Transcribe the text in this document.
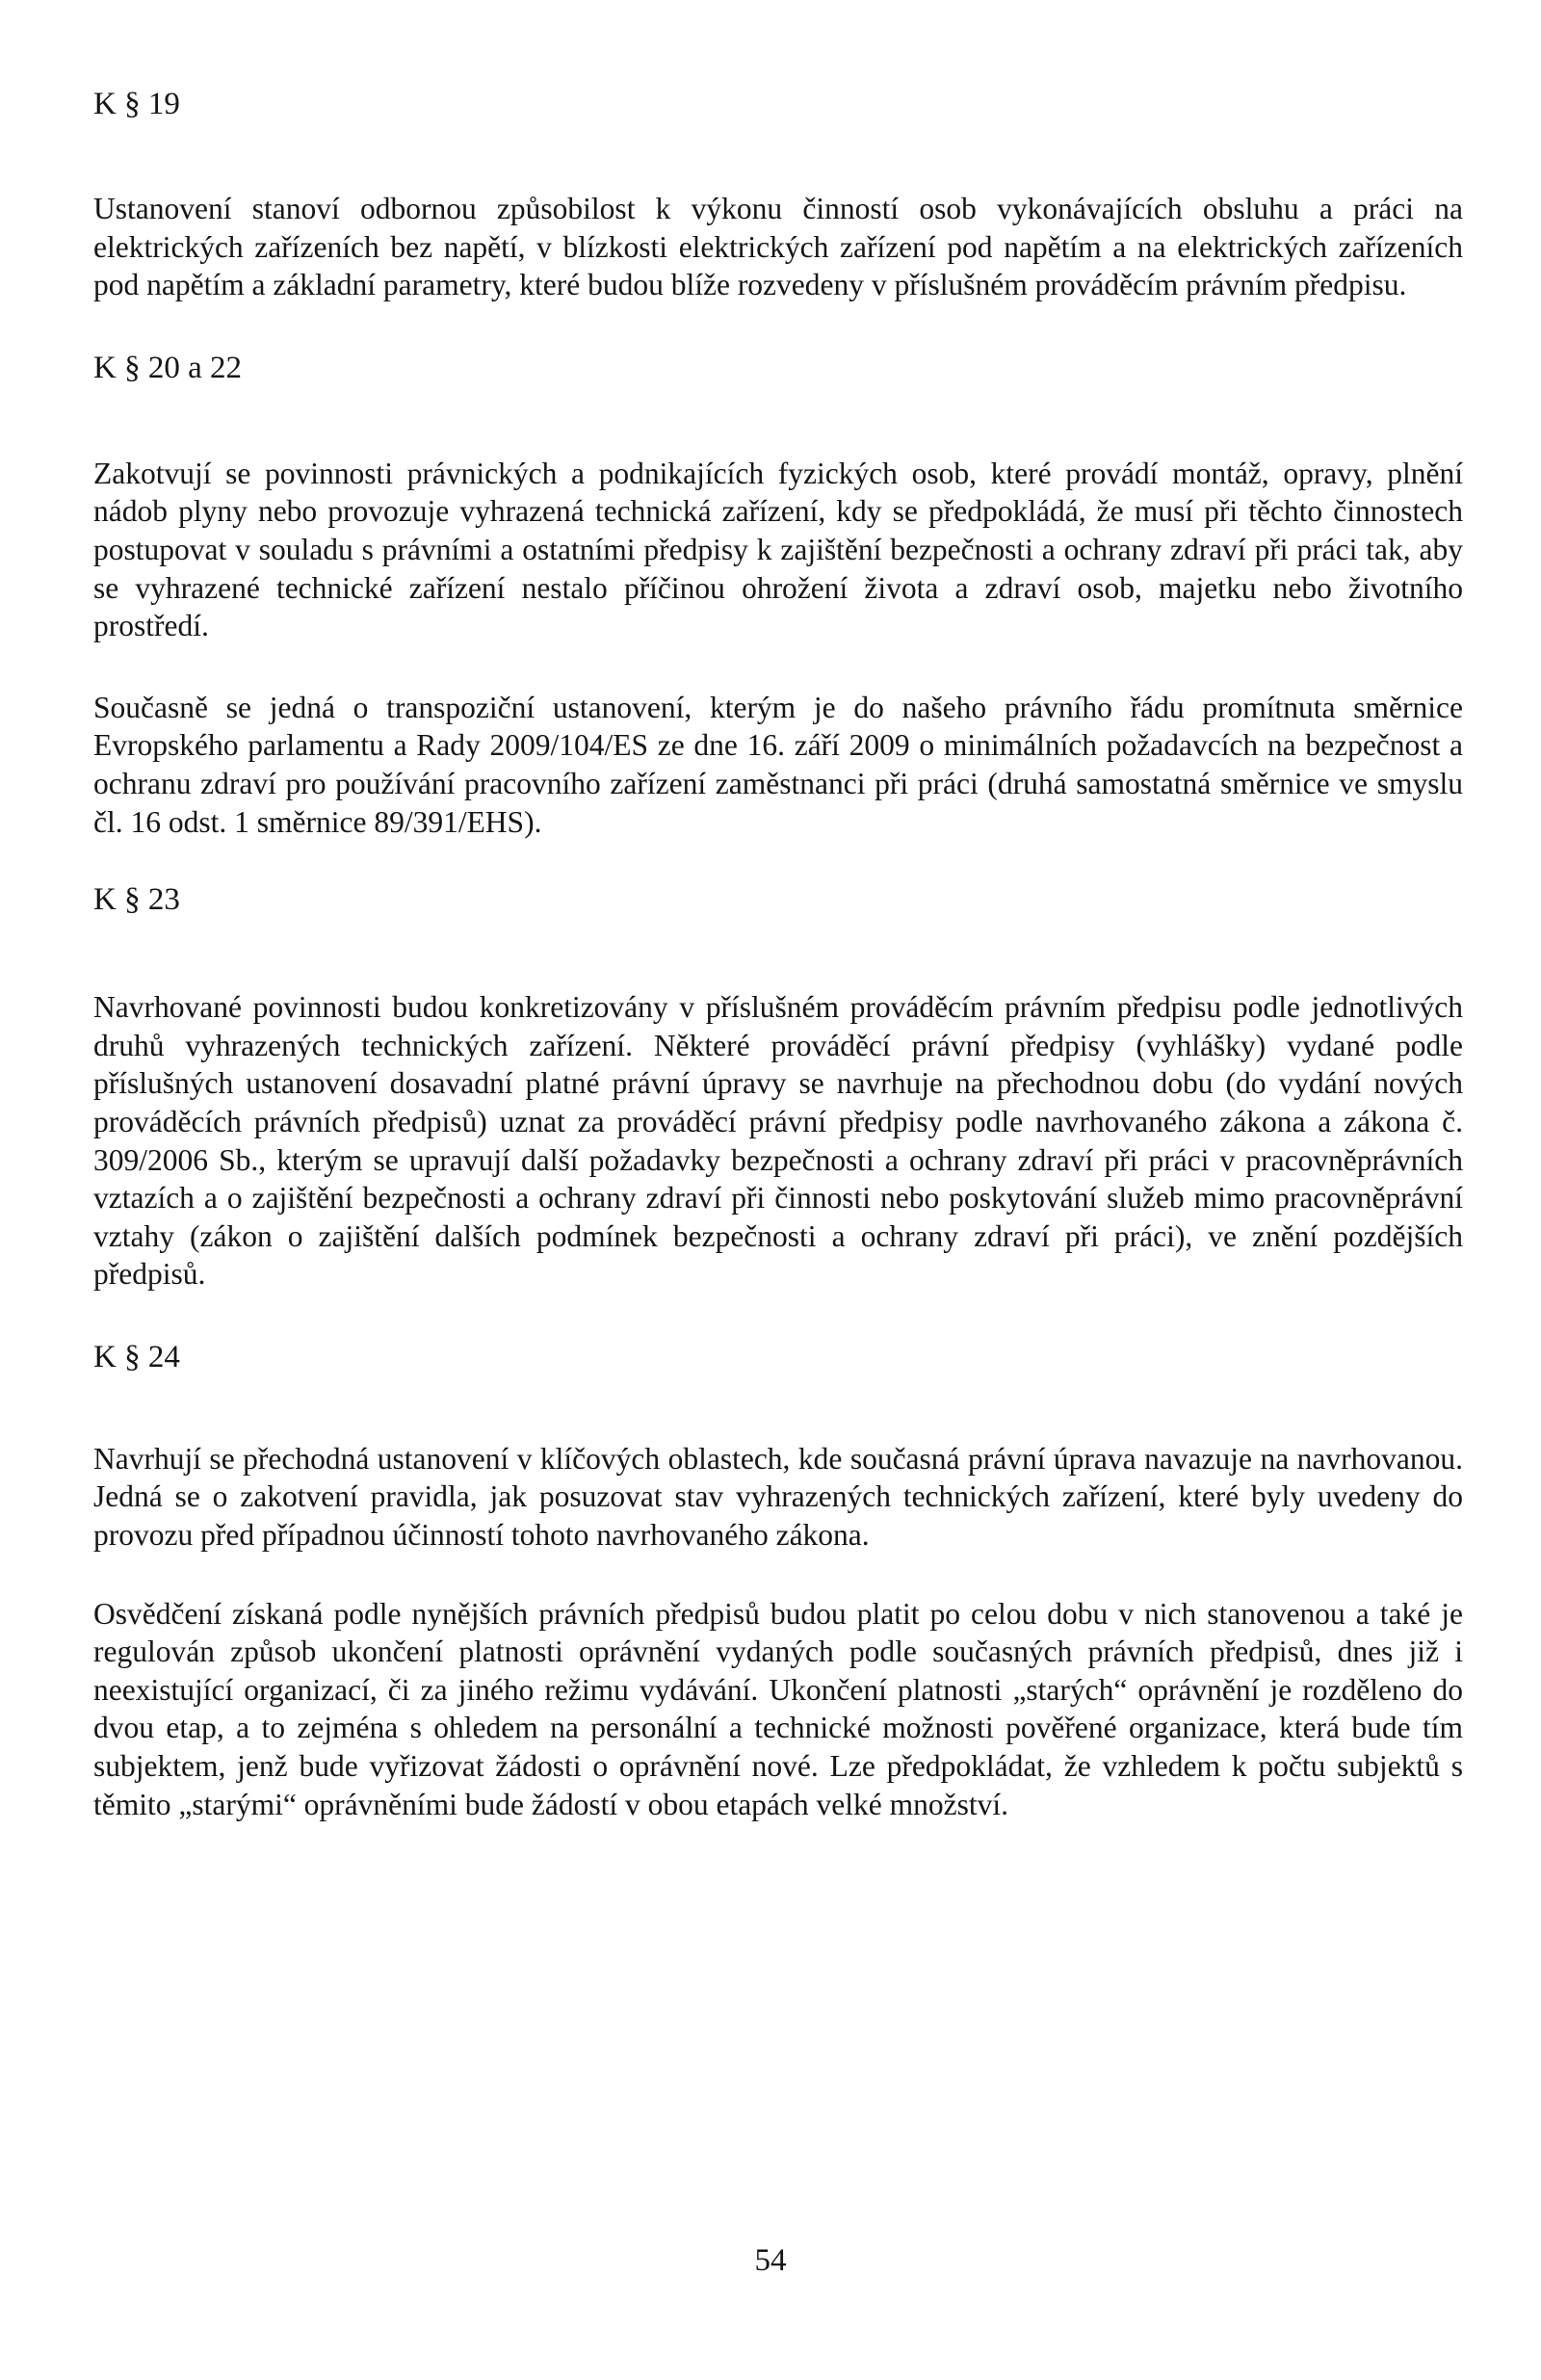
K § 19

Ustanovení stanoví odbornou způsobilost k výkonu činností osob vykonávajících obsluhu a práci na elektrických zařízeních bez napětí, v blízkosti elektrických zařízení pod napětím a na elektrických zařízeních pod napětím a základní parametry, které budou blíže rozvedeny v příslušném prováděcím právním předpisu.

K § 20 a 22

Zakotvují se povinnosti právnických a podnikajících fyzických osob, které provádí montáž, opravy, plnění nádob plyny nebo provozuje vyhrazená technická zařízení, kdy se předpokládá, že musí při těchto činnostech postupovat v souladu s právními a ostatními předpisy k zajištění bezpečnosti a ochrany zdraví při práci tak, aby se vyhrazené technické zařízení nestalo příčinou ohrožení života a zdraví osob, majetku nebo životního prostředí.

Současně se jedná o transpoziční ustanovení, kterým je do našeho právního řádu promítnuta směrnice Evropského parlamentu a Rady 2009/104/ES ze dne 16. září 2009 o minimálních požadavcích na bezpečnost a ochranu zdraví pro používání pracovního zařízení zaměstnanci při práci (druhá samostatná směrnice ve smyslu čl. 16 odst. 1 směrnice 89/391/EHS).

K § 23

Navrhované povinnosti budou konkretizovány v příslušném prováděcím právním předpisu podle jednotlivých druhů vyhrazených technických zařízení. Některé prováděcí právní předpisy (vyhlášky) vydané podle příslušných ustanovení dosavadní platné právní úpravy se navrhuje na přechodnou dobu (do vydání nových prováděcích právních předpisů) uznat za prováděcí právní předpisy podle navrhovaného zákona a zákona č. 309/2006 Sb., kterým se upravují další požadavky bezpečnosti a ochrany zdraví při práci v pracovněprávních vztazích a o zajištění bezpečnosti a ochrany zdraví při činnosti nebo poskytování služeb mimo pracovněprávní vztahy (zákon o zajištění dalších podmínek bezpečnosti a ochrany zdraví při práci), ve znění pozdějších předpisů.

K § 24

Navrhují se přechodná ustanovení v klíčových oblastech, kde současná právní úprava navazuje na navrhovanou. Jedná se o zakotvení pravidla, jak posuzovat stav vyhrazených technických zařízení, které byly uvedeny do provozu před případnou účinností tohoto navrhovaného zákona.

Osvědčení získaná podle nynějších právních předpisů budou platit po celou dobu v nich stanovenou a také je regulován způsob ukončení platnosti oprávnění vydaných podle současných právních předpisů, dnes již i neexistující organizací, či za jiného režimu vydávání. Ukončení platnosti „starých“ oprávnění je rozděleno do dvou etap, a to zejména s ohledem na personální a technické možnosti pověřené organizace, která bude tím subjektem, jenž bude vyřizovat žádosti o oprávnění nové. Lze předpokládat, že vzhledem k počtu subjektů s těmito „starými“ oprávněními bude žádostí v obou etapách velké množství.

54
